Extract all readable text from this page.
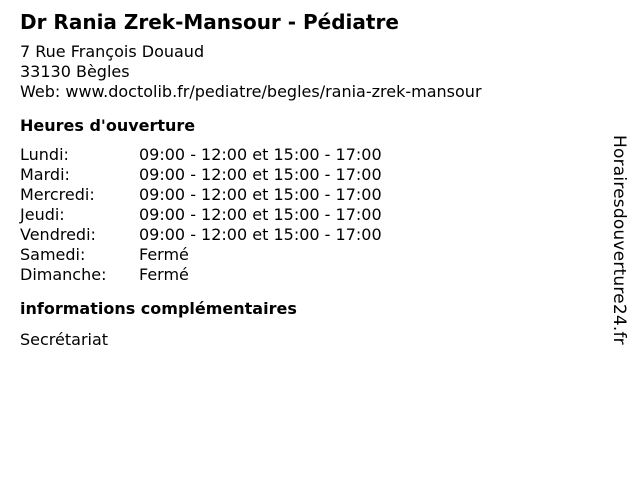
Dr Rania Zrek-Mansour - Pédiatre
7 Rue François Douaud
33130 Bègles
Web: www.doctolib.fr/pediatre/begles/rania-zrek-mansour
Heures d'ouverture
Lundi:	09:00 - 12:00 et 15:00 - 17:00
Mardi:	09:00 - 12:00 et 15:00 - 17:00
Mercredi:	09:00 - 12:00 et 15:00 - 17:00
Jeudi:	09:00 - 12:00 et 15:00 - 17:00
Vendredi:	09:00 - 12:00 et 15:00 - 17:00
Samedi:	Fermé
Dimanche:	Fermé
informations complémentaires
Secrétariat	Horairesdouverture24.fr
